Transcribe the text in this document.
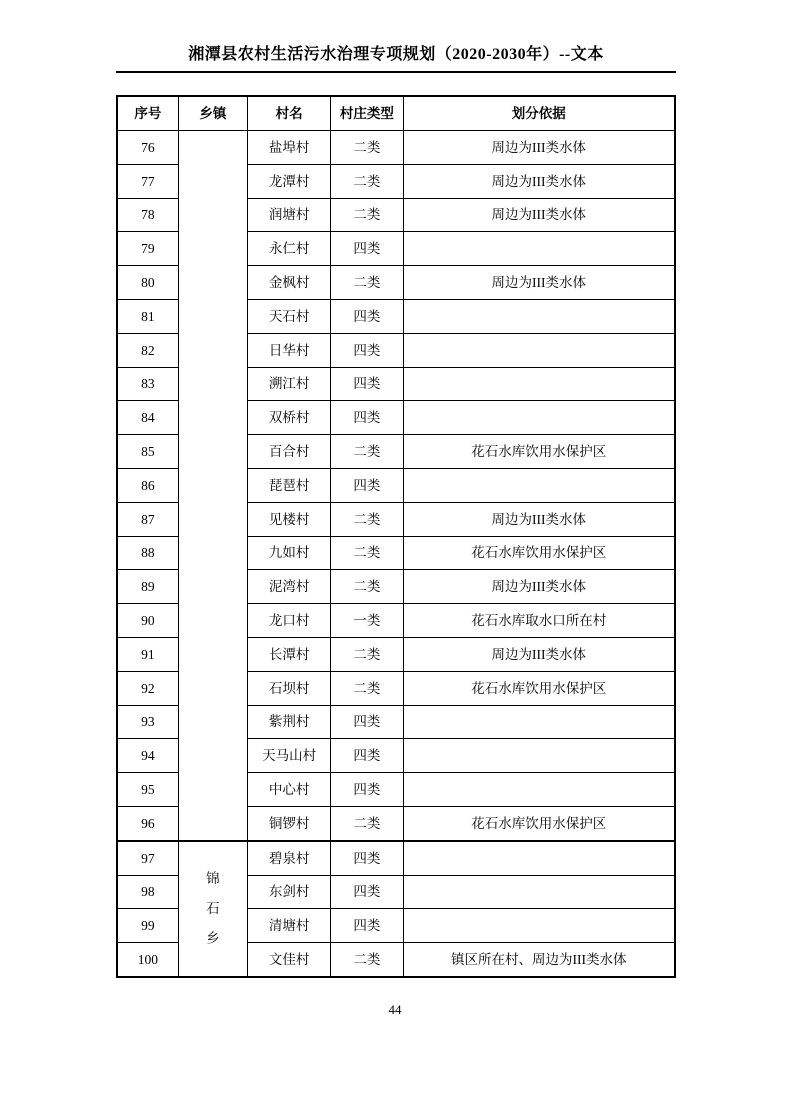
湘潭县农村生活污水治理专项规划（2020-2030年）--文本
序号	乡镇	村名	村庄类型	划分依据
76		盐埠村	二类	周边为III类水体
77		龙潭村	二类	周边为III类水体
78		润塘村	二类	周边为III类水体
79		永仁村	四类	
80		金枫村	二类	周边为III类水体
81		天石村	四类	
82		日华村	四类	
83		溯江村	四类	
84		双桥村	四类	
85		百合村	二类	花石水库饮用水保护区
86		琵琶村	四类	
87		见楼村	二类	周边为III类水体
88		九如村	二类	花石水库饮用水保护区
89		泥湾村	二类	周边为III类水体
90		龙口村	一类	花石水库取水口所在村
91		长潭村	二类	周边为III类水体
92		石坝村	二类	花石水库饮用水保护区
93		紫荆村	四类	
94		天马山村	四类	
95		中心村	四类	
96		铜锣村	二类	花石水库饮用水保护区
97	锦
石
乡	碧泉村	四类	
98		东剑村	四类	
99		清塘村	四类	
100		文佳村	二类	镇区所在村、周边为III类水体
44
